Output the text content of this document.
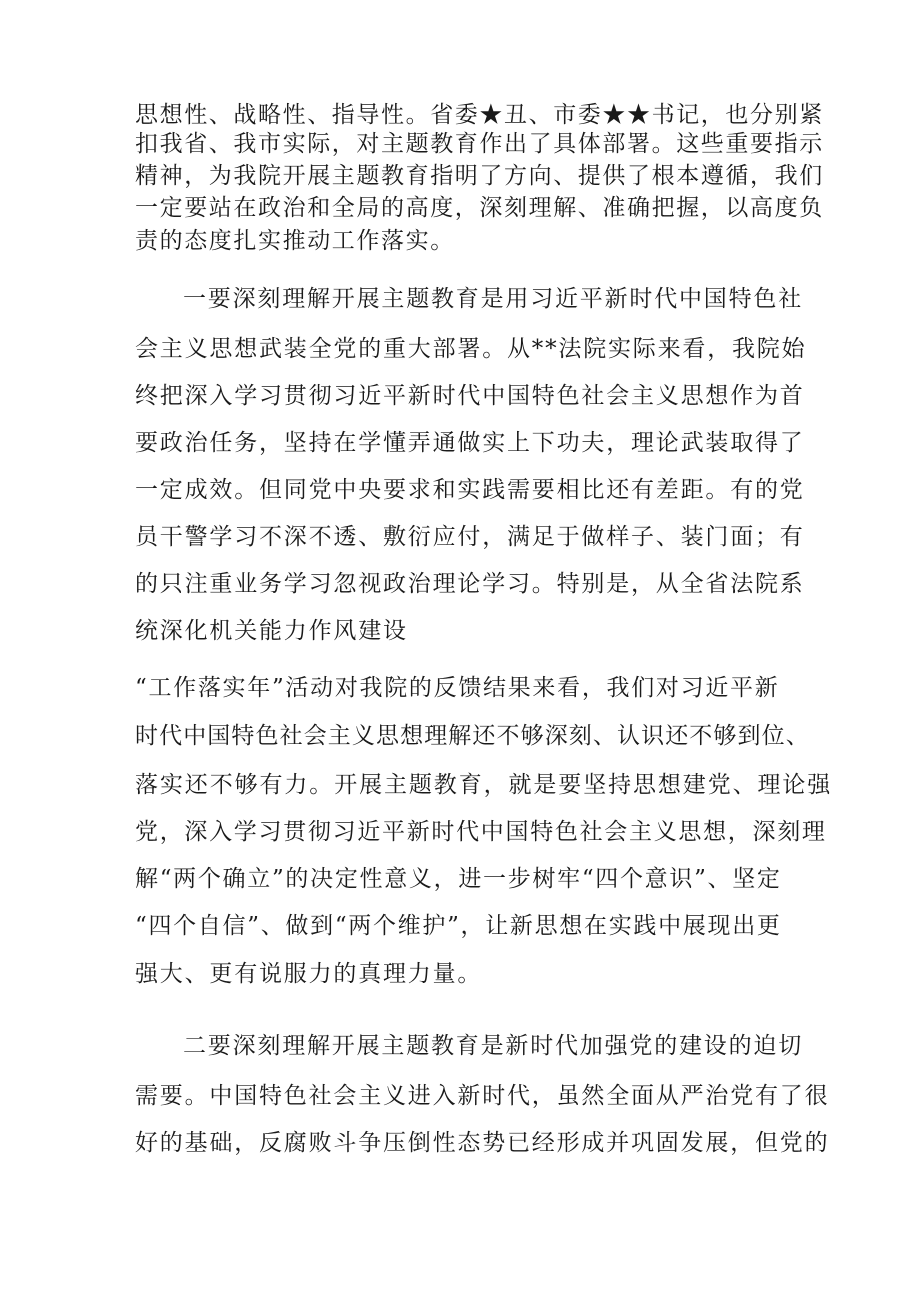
思想性、战略性、指导性。省委★丑、市委★★书记，也分别紧
扣我省、我市实际，对主题教育作出了具体部署。这些重要指示
精神，为我院开展主题教育指明了方向、提供了根本遵循，我们
一定要站在政治和全局的高度，深刻理解、准确把握，以高度负
责的态度扎实推动工作落实。
一要深刻理解开展主题教育是用习近平新时代中国特色社
会主义思想武装全党的重大部署。从**法院实际来看，我院始
终把深入学习贯彻习近平新时代中国特色社会主义思想作为首
要政治任务，坚持在学懂弄通做实上下功夫，理论武装取得了
一定成效。但同党中央要求和实践需要相比还有差距。有的党
员干警学习不深不透、敷衍应付，满足于做样子、装门面；有
的只注重业务学习忽视政治理论学习。特别是，从全省法院系
统深化机关能力作风建设
“工作落实年”活动对我院的反馈结果来看，我们对习近平新
时代中国特色社会主义思想理解还不够深刻、认识还不够到位、
落实还不够有力。开展主题教育，就是要坚持思想建党、理论强
党，深入学习贯彻习近平新时代中国特色社会主义思想，深刻理
解“两个确立”的决定性意义，进一步树牢“四个意识”、坚定
“四个自信”、做到“两个维护”，让新思想在实践中展现出更
强大、更有说服力的真理力量。
二要深刻理解开展主题教育是新时代加强党的建设的迫切
需要。中国特色社会主义进入新时代，虽然全面从严治党有了很
好的基础，反腐败斗争压倒性态势已经形成并巩固发展，但党的
